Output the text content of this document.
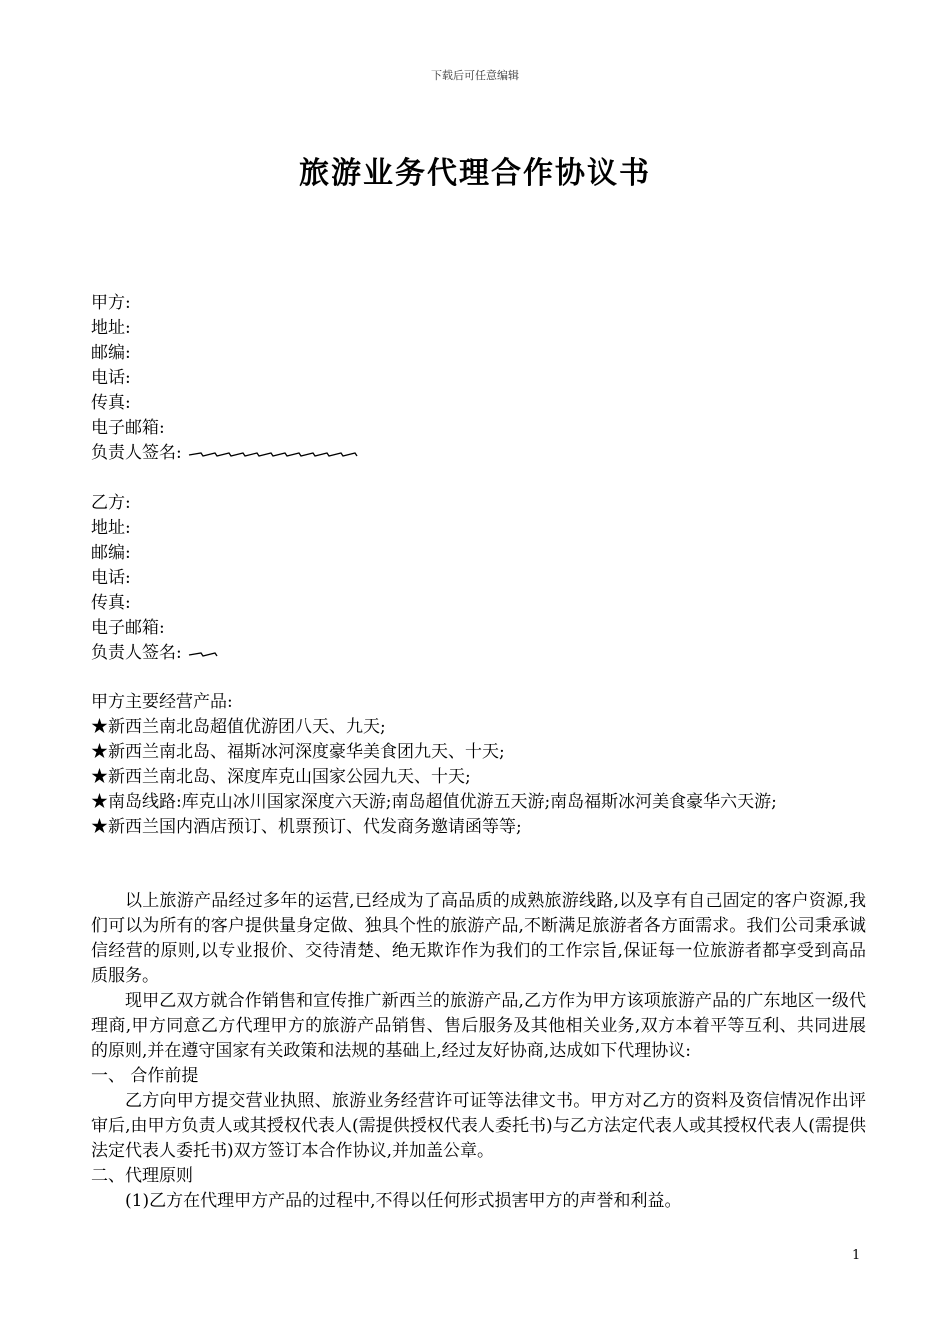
下载后可任意编辑
旅游业务代理合作协议书
甲方:
地址:
邮编:
电话:
传真:
电子邮箱:
负责人签名:
乙方:
地址:
邮编:
电话:
传真:
电子邮箱:
负责人签名:
甲方主要经营产品:
★新西兰南北岛超值优游团八天、九天;
★新西兰南北岛、福斯冰河深度豪华美食团九天、十天;
★新西兰南北岛、深度库克山国家公园九天、十天;
★南岛线路:库克山冰川国家深度六天游;南岛超值优游五天游;南岛福斯冰河美食豪华六天游;
★新西兰国内酒店预订、机票预订、代发商务邀请函等等;

以上旅游产品经过多年的运营,已经成为了高品质的成熟旅游线路,以及享有自己固定的客户资源,我们可以为所有的客户提供量身定做、独具个性的旅游产品,不断满足旅游者各方面需求。我们公司秉承诚信经营的原则,以专业报价、交待清楚、绝无欺诈作为我们的工作宗旨,保证每一位旅游者都享受到高品质服务。

现甲乙双方就合作销售和宣传推广新西兰的旅游产品,乙方作为甲方该项旅游产品的广东地区一级代理商,甲方同意乙方代理甲方的旅游产品销售、售后服务及其他相关业务,双方本着平等互利、共同进展的原则,并在遵守国家有关政策和法规的基础上,经过友好协商,达成如下代理协议:

一、 合作前提

乙方向甲方提交营业执照、旅游业务经营许可证等法律文书。甲方对乙方的资料及资信情况作出评审后,由甲方负责人或其授权代表人(需提供授权代表人委托书)与乙方法定代表人或其授权代表人(需提供法定代表人委托书)双方签订本合作协议,并加盖公章。

二、代理原则

(1)乙方在代理甲方产品的过程中,不得以任何形式损害甲方的声誉和利益。

1
